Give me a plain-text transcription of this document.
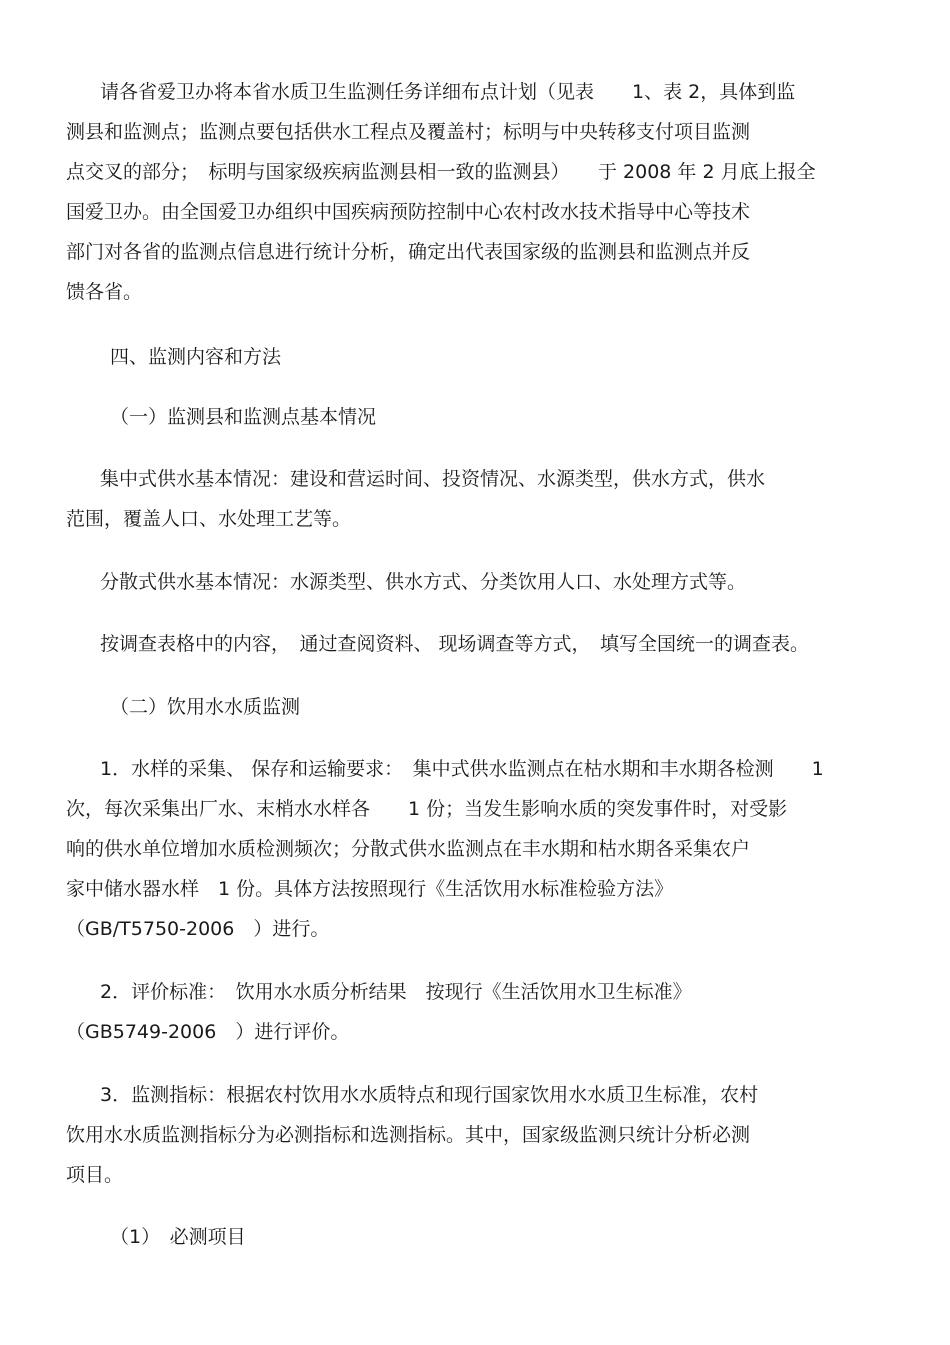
请各省爱卫办将本省水质卫生监测任务详细布点计划（见表　　1、表 2，具体到监
测县和监测点；监测点要包括供水工程点及覆盖村；标明与中央转移支付项目监测
点交叉的部分；　标明与国家级疾病监测县相一致的监测县）　　于 2008 年 2 月底上报全
国爱卫办。由全国爱卫办组织中国疾病预防控制中心农村改水技术指导中心等技术
部门对各省的监测点信息进行统计分析，确定出代表国家级的监测县和监测点并反
馈各省。
四、监测内容和方法
（一）监测县和监测点基本情况
集中式供水基本情况：建设和营运时间、投资情况、水源类型，供水方式，供水
范围，覆盖人口、水处理工艺等。
分散式供水基本情况：水源类型、供水方式、分类饮用人口、水处理方式等。
按调查表格中的内容，　通过查阅资料、 现场调查等方式，　填写全国统一的调查表。
（二）饮用水水质监测
1．水样的采集、 保存和运输要求：　集中式供水监测点在枯水期和丰水期各检测　　1
次，每次采集出厂水、末梢水水样各　　1 份；当发生影响水质的突发事件时，对受影
响的供水单位增加水质检测频次；分散式供水监测点在丰水期和枯水期各采集农户
家中储水器水样　1 份。具体方法按照现行《生活饮用水标准检验方法》
（GB/T5750-2006　）进行。
2．评价标准：　饮用水水质分析结果　按现行《生活饮用水卫生标准》
（GB5749-2006　）进行评价。
3．监测指标：根据农村饮用水水质特点和现行国家饮用水水质卫生标准，农村
饮用水水质监测指标分为必测指标和选测指标。其中，国家级监测只统计分析必测
项目。
（1）　必测项目
